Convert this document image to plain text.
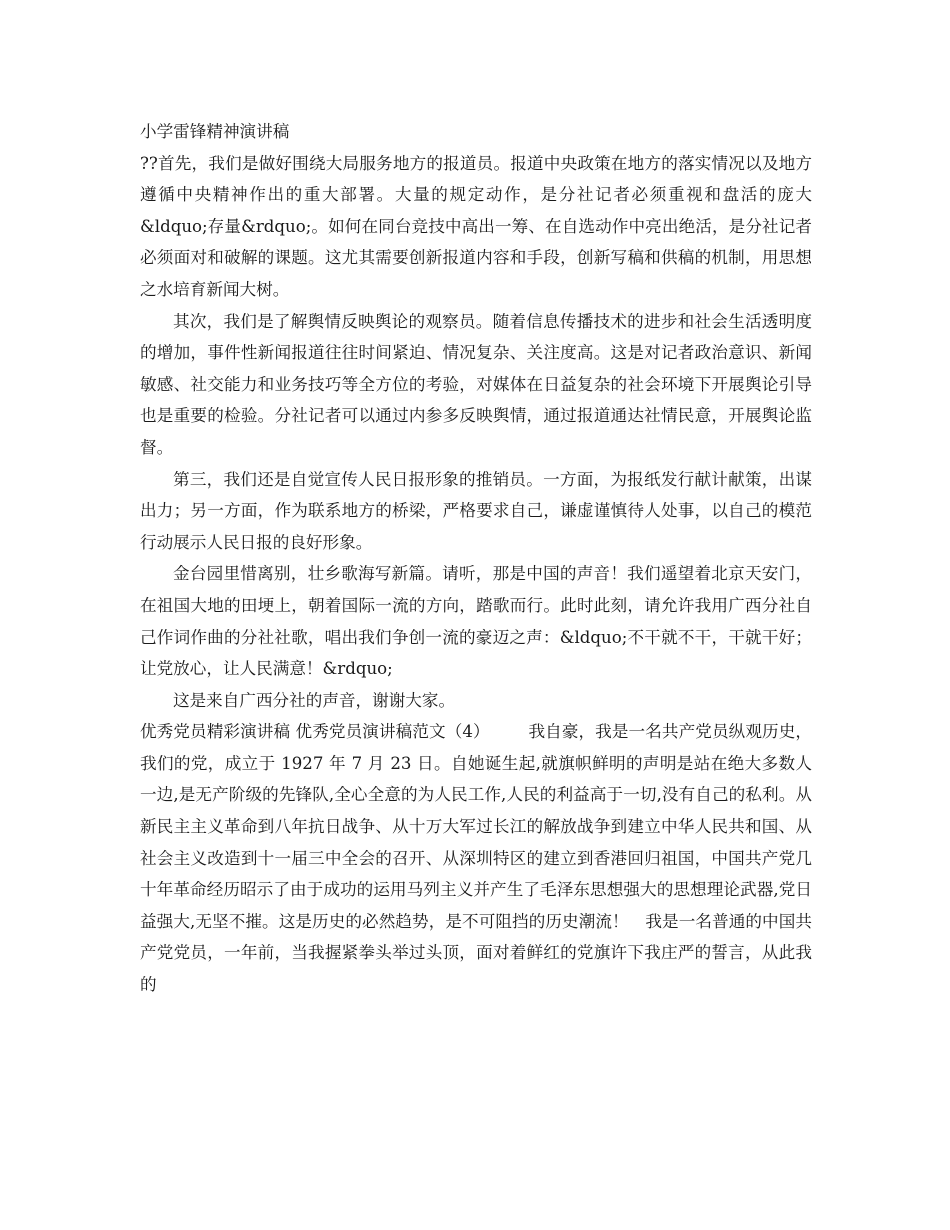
小学雷锋精神演讲稿

??首先，我们是做好围绕大局服务地方的报道员。报道中央政策在地方的落实情况以及地方遵循中央精神作出的重大部署。大量的规定动作，是分社记者必须重视和盘活的庞大&ldquo;存量&rdquo;。如何在同台竞技中高出一筹、在自选动作中亮出绝活，是分社记者必须面对和破解的课题。这尤其需要创新报道内容和手段，创新写稿和供稿的机制，用思想之水培育新闻大树。

其次，我们是了解舆情反映舆论的观察员。随着信息传播技术的进步和社会生活透明度的增加，事件性新闻报道往往时间紧迫、情况复杂、关注度高。这是对记者政治意识、新闻敏感、社交能力和业务技巧等全方位的考验，对媒体在日益复杂的社会环境下开展舆论引导也是重要的检验。分社记者可以通过内参多反映舆情，通过报道通达社情民意，开展舆论监督。

第三，我们还是自觉宣传人民日报形象的推销员。一方面，为报纸发行献计献策，出谋出力；另一方面，作为联系地方的桥梁，严格要求自己，谦虚谨慎待人处事，以自己的模范行动展示人民日报的良好形象。

金台园里惜离别，壮乡歌海写新篇。请听，那是中国的声音！我们遥望着北京天安门，在祖国大地的田埂上，朝着国际一流的方向，踏歌而行。此时此刻，请允许我用广西分社自己作词作曲的分社社歌，唱出我们争创一流的豪迈之声：&ldquo;不干就不干，干就干好；让党放心，让人民满意！&rdquo;

这是来自广西分社的声音，谢谢大家。

优秀党员精彩演讲稿 优秀党员演讲稿范文（4） 　　我自豪，我是一名共产党员纵观历史，我们的党，成立于 1927 年 7 月 23 日。自她诞生起,就旗帜鲜明的声明是站在绝大多数人一边,是无产阶级的先锋队,全心全意的为人民工作,人民的利益高于一切,没有自己的私利。从新民主主义革命到八年抗日战争、从十万大军过长江的解放战争到建立中华人民共和国、从社会主义改造到十一届三中全会的召开、从深圳特区的建立到香港回归祖国，中国共产党几十年革命经历昭示了由于成功的运用马列主义并产生了毛泽东思想强大的思想理论武器,党日益强大,无坚不摧。这是历史的必然趋势，是不可阻挡的历史潮流！　我是一名普通的中国共产党党员，一年前，当我握紧拳头举过头顶，面对着鲜红的党旗许下我庄严的誓言，从此我的
